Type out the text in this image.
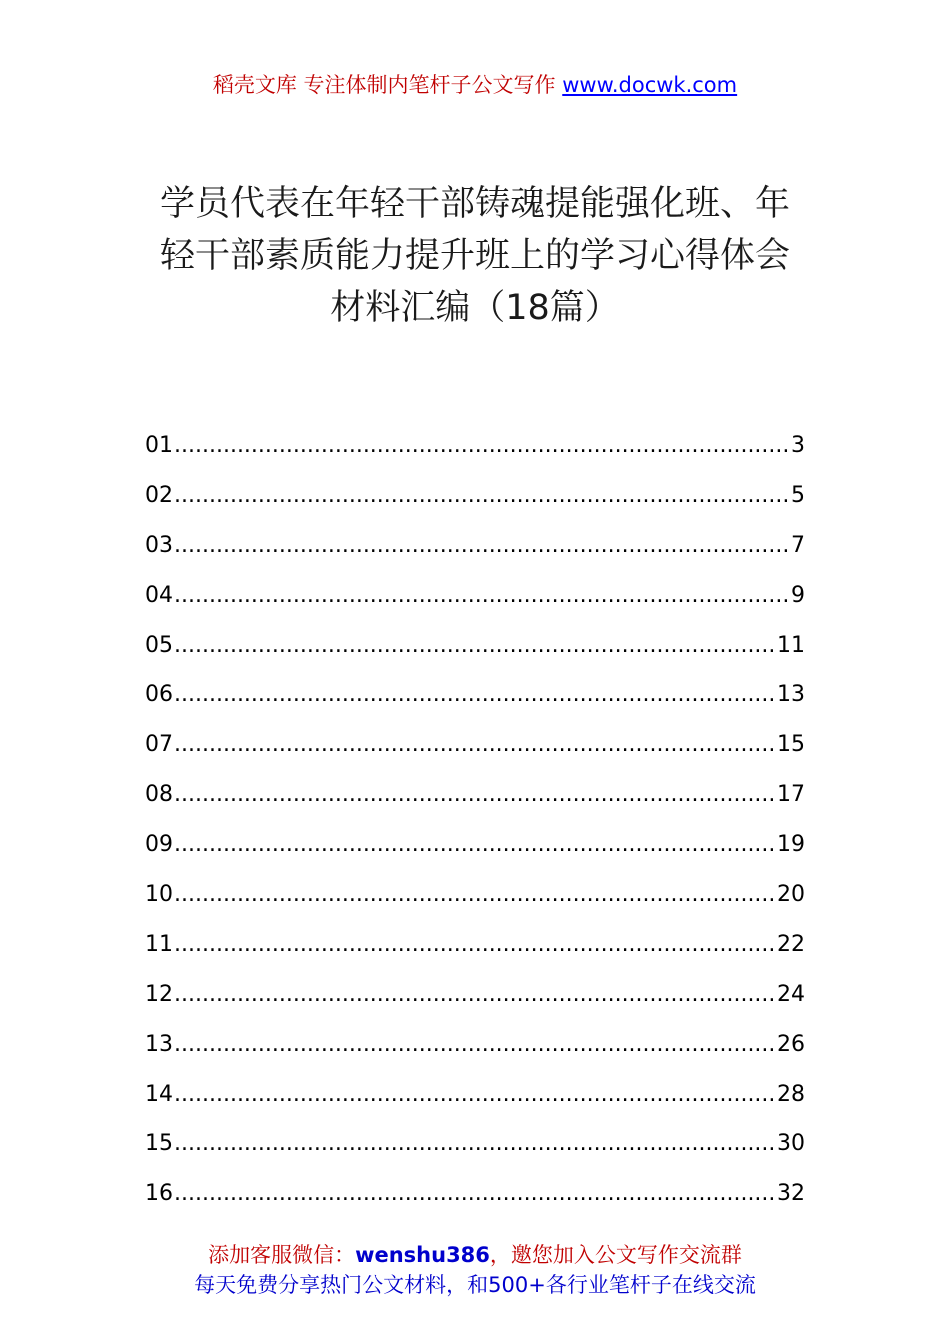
稻壳文库 专注体制内笔杆子公文写作 www.docwk.com
学员代表在年轻干部铸魂提能强化班、年
轻干部素质能力提升班上的学习心得体会
材料汇编（18篇）
01 .....	3
02 .....	5
03 .....	7
04 .....	9
05 .....	11
06 .....	13
07 .....	15
08 .....	17
09 .....	19
10 .....	20
11 .....	22
12 .....	24
13 .....	26
14 .....	28
15 .....	30
16 .....	32
添加客服微信：wenshu386，邀您加入公文写作交流群
每天免费分享热门公文材料，和500+各行业笔杆子在线交流
